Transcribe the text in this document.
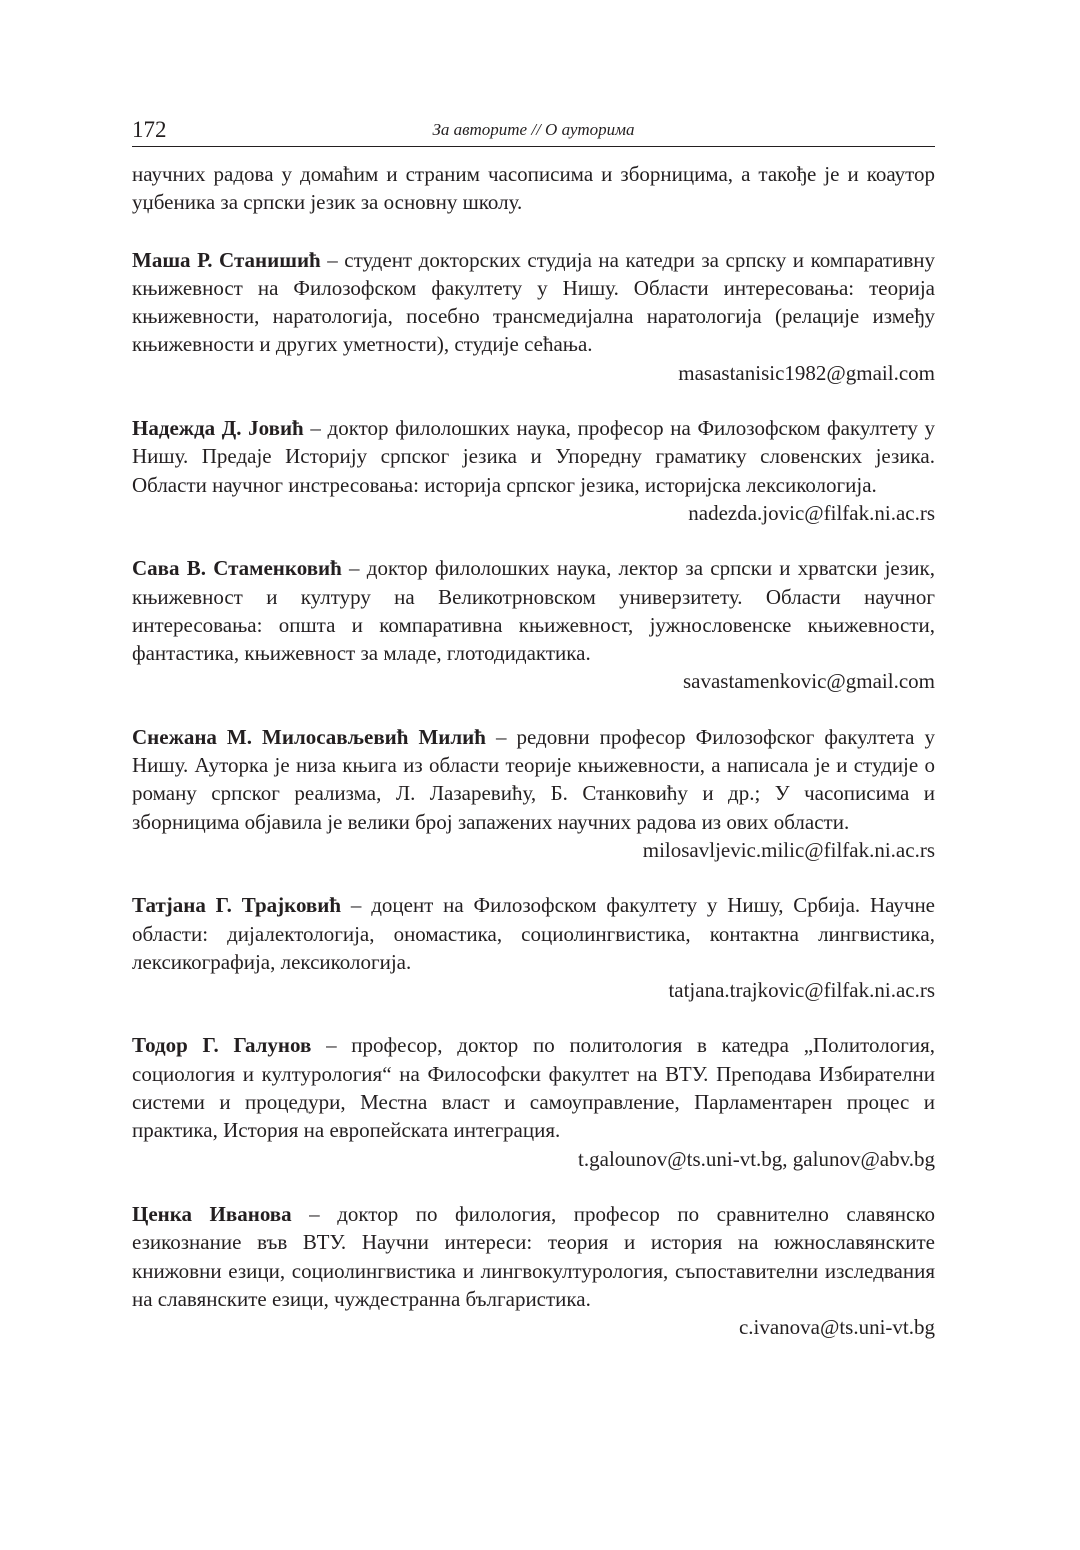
172	За авторите // О ауторима

научних радова у домаћим и страним часописима и зборницима, а такође је и коаутор уџбеника за српски језик за основну школу.

Маша Р. Станишић – студент докторских студија на катедри за српску и компаративну књижевност на Филозофском факултету у Нишу. Области интересовања: теорија књижевности, наратологија, посебно трансмедијална наратологија (релације између књижевности и других уметности), студије сећања.

masastanisic1982@gmail.com

Надежда Д. Јовић – доктор филолошких наука, професор на Филозофском факултету у Нишу. Предаје Историју српског језика и Упоредну граматику словенских језика. Области научног инстресовања: историја српског језика, историјска лексикологија.

nadezda.jovic@filfak.ni.ac.rs

Сава В. Стаменковић – доктор филолошких наука, лектор за српски и хрватски језик, књижевност и културу на Великотрновском универзитету. Области научног интересовања: општа и компаративна књижевност, јужнословенске књижевности, фантастика, књижевност за младе, глотодидактика.

savastamenkovic@gmail.com

Снежана М. Милосављевић Милић – редовни професор Филозофског факултета у Нишу. Ауторка је низа књига из области теорије књижевности, а написала је и студије о роману српског реализма, Л. Лазаревићу, Б. Станковићу и др.; У часописима и зборницима објавила је велики број запажених научних радова из ових области.

milosavljevic.milic@filfak.ni.ac.rs

Татјана Г. Трајковић – доцент на Филозофском факултету у Нишу, Србија. Научне области: дијалектологија, ономастика, социолингвистика, контактна лингвистика, лексикографија, лексикологија.

tatjana.trajkovic@filfak.ni.ac.rs

Тодор Г. Галунов – професор, доктор по политология в катедра „Политология, социология и културология“ на Философски факултет на ВТУ. Преподава Избирателни системи и процедури, Местна власт и самоуправление, Парламентарен процес и практика, История на европейската интеграция.

t.galounov@ts.uni-vt.bg, galunov@abv.bg

Ценка Иванова – доктор по филология, професор по сравнително славянско езикознание във ВТУ. Научни интереси: теория и история на южнославянските книжовни езици, социолингвистика и лингвокултурология, съпоставителни изследвания на славянските езици, чуждестранна българистика.

c.ivanova@ts.uni-vt.bg
